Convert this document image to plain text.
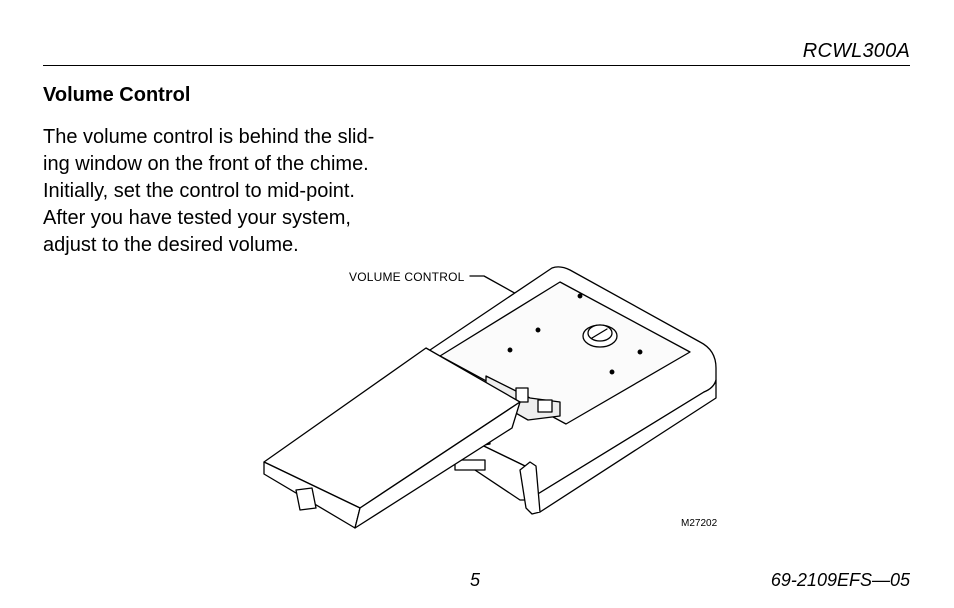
RCWL300A
Volume Control

The volume control is behind the slid-
ing window on the front of the chime.
Initially, set the control to mid-point.
After you have tested your system,
adjust to the desired volume.

VOLUME CONTROL
M27202
5	69-2109EFS—05
